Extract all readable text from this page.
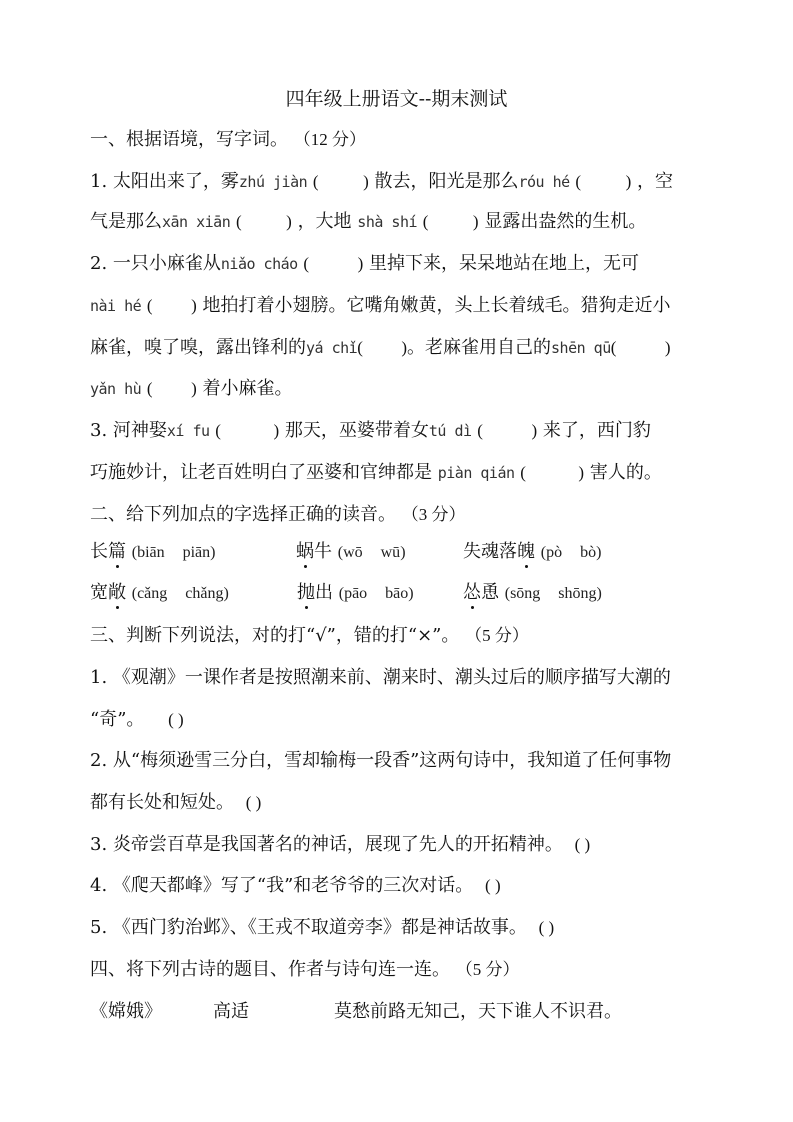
四年级上册语文--期末测试
一、根据语境，写字词。 （12 分）
1. 太阳出来了，雾zhú jiàn (  ) 散去，阳光是那么róu hé (  ) ，空
气是那么xān xiān (  ) ，大地 shà shí (  ) 显露出盎然的生机。
2. 一只小麻雀从niǎo cháo (  ) 里掉下来，呆呆地站在地上，无可
nài hé (  ) 地拍打着小翅膀。它嘴角嫩黄，头上长着绒毛。猎狗走近小
麻雀，嗅了嗅，露出锋利的yá chǐ(  )。老麻雀用自己的shēn qū(  )
yǎn hù (  ) 着小麻雀。
3. 河神娶xí fu (	) 那天，巫婆带着女tú dì (  ) 来了，西门豹
巧施妙计，让老百姓明白了巫婆和官绅都是 piàn qián (	) 害人的。
二、给下列加点的字选择正确的读音。 （3 分）
长篇 (biān piān)	蜗牛 (wō wū)	失魂落魄 (pò bò)
宽敞 (cǎng chǎng)	抛出 (pāo bāo)	怂恿 (sōng shōng)
三、判断下列说法，对的打“√”，错的打“×”。 （5 分）
1. 《观潮》一课作者是按照潮来前、潮来时、潮头过后的顺序描写大潮的
“奇”。 ( )
2. 从“梅须逊雪三分白，雪却输梅一段香”这两句诗中，我知道了任何事物
都有长处和短处。 ( )
3. 炎帝尝百草是我国著名的神话，展现了先人的开拓精神。 ( )
4. 《爬天都峰》写了“我”和老爷爷的三次对话。 ( )
5. 《西门豹治邺》、《王戎不取道旁李》都是神话故事。 ( )
四、将下列古诗的题目、作者与诗句连一连。 （5 分）
《嫦娥》	高适	莫愁前路无知己，天下谁人不识君。
